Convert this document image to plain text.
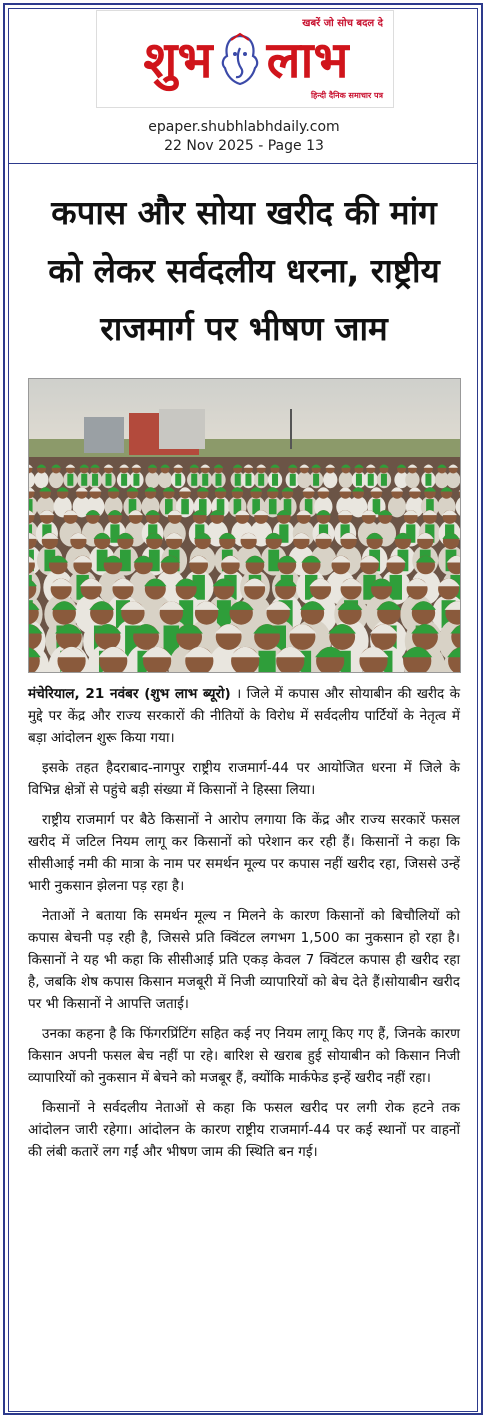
खबरें जो सोच बदल दे
शुभ लाभ
हिन्दी दैनिक समाचार पत्र
epaper.shubhlabhdaily.com
22 Nov 2025 - Page 13
कपास और सोया खरीद की मांग
को लेकर सर्वदलीय धरना, राष्ट्रीय
राजमार्ग पर भीषण जाम

मंचेरियाल, 21 नवंबर (शुभ लाभ ब्यूरो) । जिले में कपास और सोयाबीन की खरीद के मुद्दे पर केंद्र और राज्य सरकारों की नीतियों के विरोध में सर्वदलीय पार्टियों के नेतृत्व में बड़ा आंदोलन शुरू किया गया।

इसके तहत हैदराबाद-नागपुर राष्ट्रीय राजमार्ग-44 पर आयोजित धरना में जिले के विभिन्न क्षेत्रों से पहुंचे बड़ी संख्या में किसानों ने हिस्सा लिया।

राष्ट्रीय राजमार्ग पर बैठे किसानों ने आरोप लगाया कि केंद्र और राज्य सरकारें फसल खरीद में जटिल नियम लागू कर किसानों को परेशान कर रही हैं। किसानों ने कहा कि सीसीआई नमी की मात्रा के नाम पर समर्थन मूल्य पर कपास नहीं खरीद रहा, जिससे उन्हें भारी नुकसान झेलना पड़ रहा है।

नेताओं ने बताया कि समर्थन मूल्य न मिलने के कारण किसानों को बिचौलियों को कपास बेचनी पड़ रही है, जिससे प्रति क्विंटल लगभग 1,500 का नुकसान हो रहा है। किसानों ने यह भी कहा कि सीसीआई प्रति एकड़ केवल 7 क्विंटल कपास ही खरीद रहा है, जबकि शेष कपास किसान मजबूरी में निजी व्यापारियों को बेच देते हैं।सोयाबीन खरीद पर भी किसानों ने आपत्ति जताई।

उनका कहना है कि फिंगरप्रिंटिंग सहित कई नए नियम लागू किए गए हैं, जिनके कारण किसान अपनी फसल बेच नहीं पा रहे। बारिश से खराब हुई सोयाबीन को किसान निजी व्यापारियों को नुकसान में बेचने को मजबूर हैं, क्योंकि मार्कफेड इन्हें खरीद नहीं रहा।

किसानों ने सर्वदलीय नेताओं से कहा कि फसल खरीद पर लगी रोक हटने तक आंदोलन जारी रहेगा। आंदोलन के कारण राष्ट्रीय राजमार्ग-44 पर कई स्थानों पर वाहनों की लंबी कतारें लग गईं और भीषण जाम की स्थिति बन गई।
